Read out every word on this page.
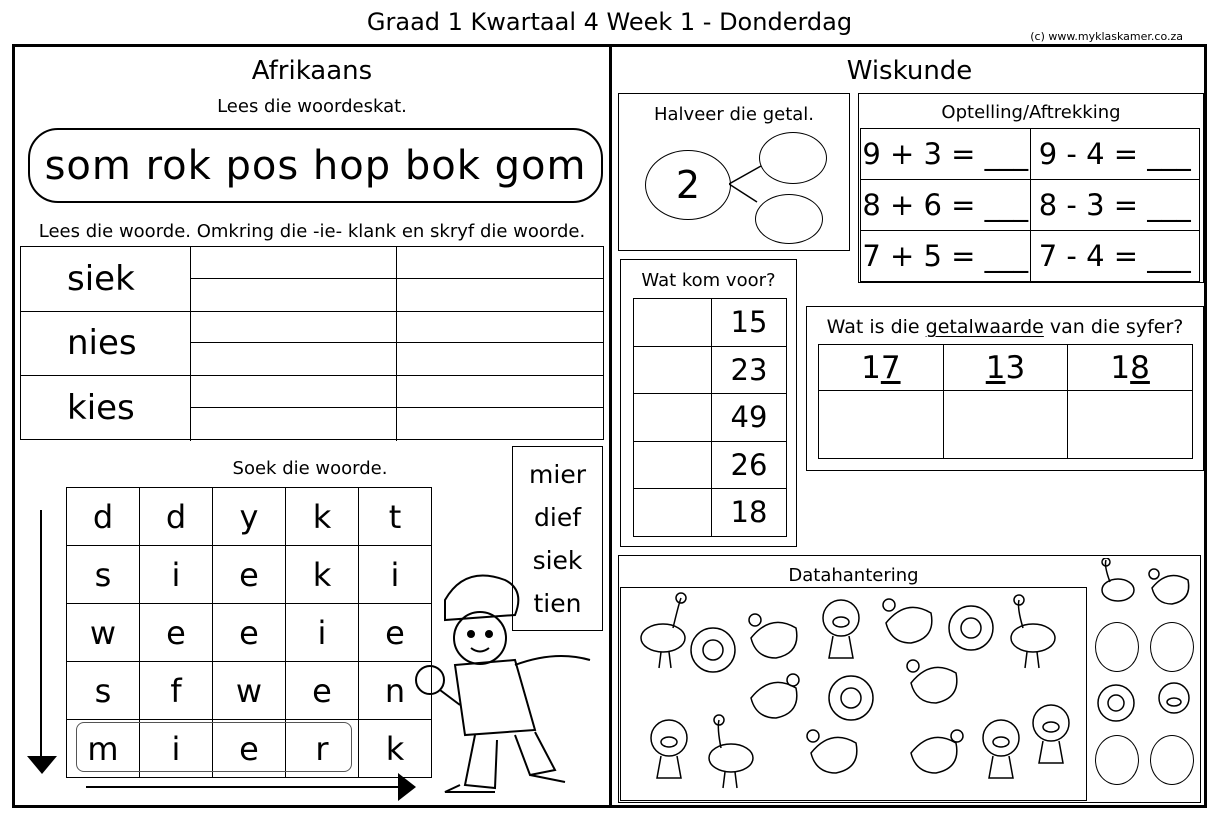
Graad 1 Kwartaal 4 Week 1 - Donderdag
(c) www.myklaskamer.co.za
Afrikaans
Lees die woordeskat.
som rok pos hop bok gom
Lees die woorde. Omkring die -ie- klank en skryf die woorde.
siek
nies
kies
Soek die woorde.
d	d	y	k	t
s	i	e	k	i
w	e	e	i	e
s	f	w	e	n
m	i	e	r	k
mier
dief
siek
tien
Wiskunde
Halveer die getal.
2
Optelling/Aftrekking
9 + 3 = ___	9 - 4 = ___
8 + 6 = ___	8 - 3 = ___
7 + 5 = ___	7 - 4 = ___
Wat kom voor?
	15
	23
	49
	26
	18
Wat is die getalwaarde van die syfer?
17	13	18

Datahantering
